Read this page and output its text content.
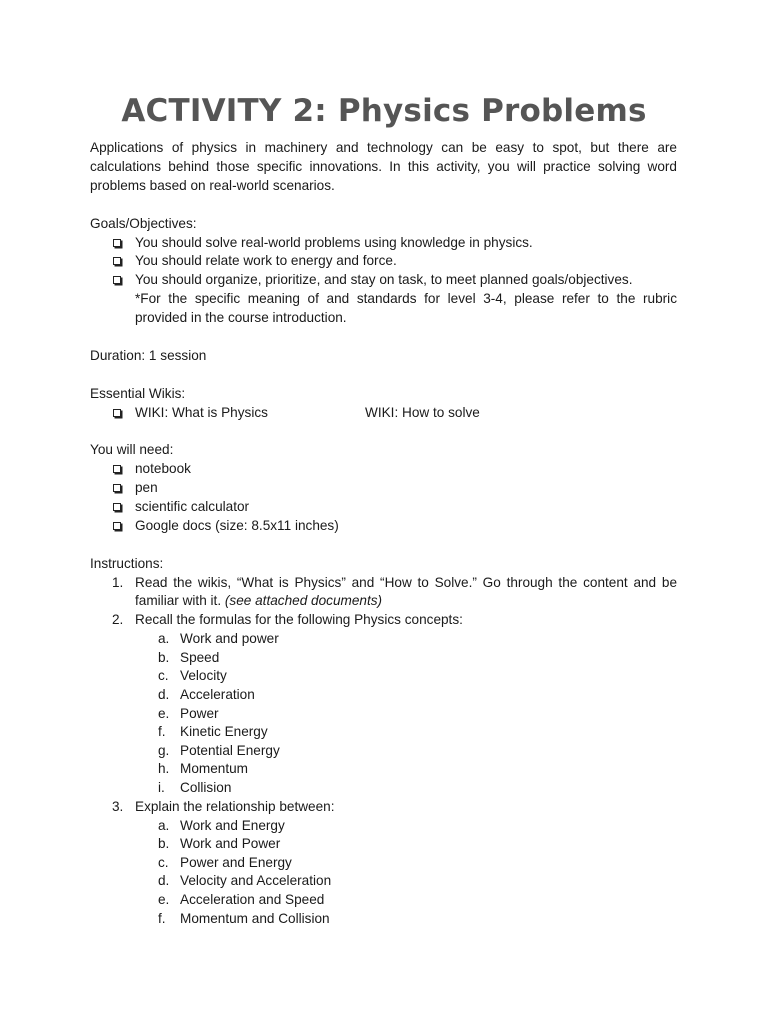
ACTIVITY 2: Physics Problems

Applications of physics in machinery and technology can be easy to spot, but there are calculations behind those specific innovations. In this activity, you will practice solving word problems based on real-world scenarios.

Goals/Objectives:
You should solve real-world problems using knowledge in physics.
You should relate work to energy and force.
You should organize, prioritize, and stay on task, to meet planned goals/objectives.
*For the specific meaning of and standards for level 3-4, please refer to the rubric provided in the course introduction.
Duration: 1 session
Essential Wikis:
WIKI: What is Physics	WIKI: How to solve
You will need:
notebook
pen
scientific calculator
Google docs (size: 8.5x11 inches)
Instructions:
1. Read the wikis, “What is Physics” and “How to Solve.” Go through the content and be familiar with it. (see attached documents)
2. Recall the formulas for the following Physics concepts:
a. Work and power
b. Speed
c. Velocity
d. Acceleration
e. Power
f. Kinetic Energy
g. Potential Energy
h. Momentum
i. Collision
3. Explain the relationship between:
a. Work and Energy
b. Work and Power
c. Power and Energy
d. Velocity and Acceleration
e. Acceleration and Speed
f. Momentum and Collision
